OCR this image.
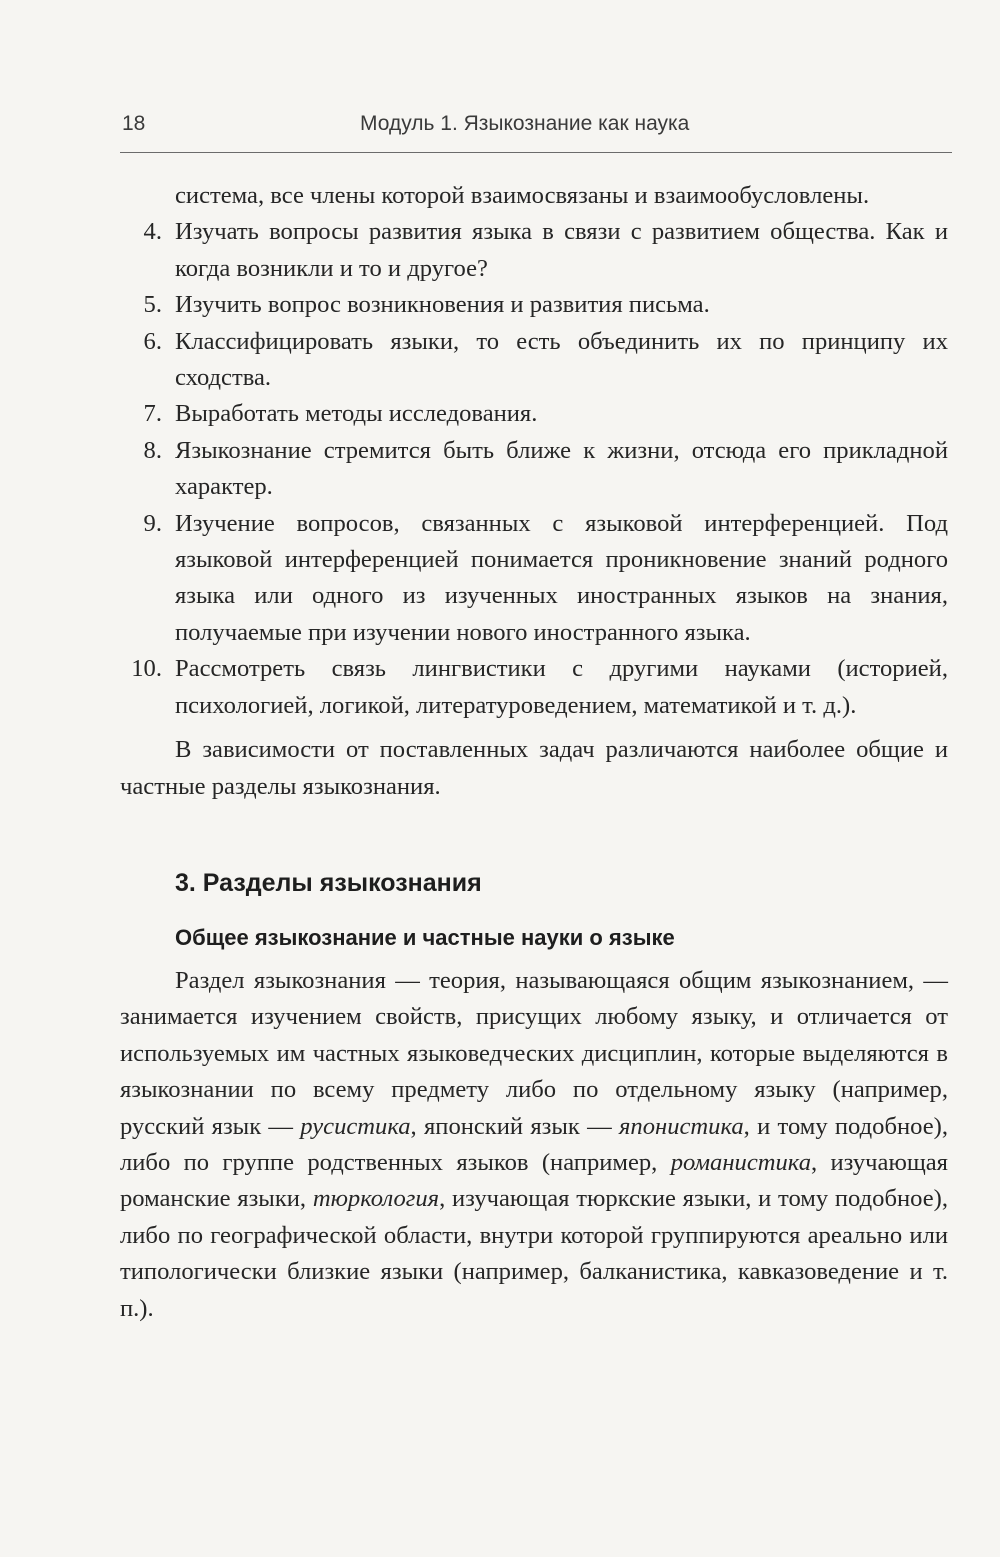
18	Модуль 1. Языкознание как наука

система, все члены которой взаимосвязаны и взаимообусловлены.

4. Изучать вопросы развития языка в связи с развитием общества. Как и когда возникли и то и другое?
5. Изучить вопрос возникновения и развития письма.
6. Классифицировать языки, то есть объединить их по принципу их сходства.
7. Выработать методы исследования.
8. Языкознание стремится быть ближе к жизни, отсюда его прикладной характер.
9. Изучение вопросов, связанных с языковой интерференцией. Под языковой интерференцией понимается проникновение знаний родного языка или одного из изученных иностранных языков на знания, получаемые при изучении нового иностранного языка.
10. Рассмотреть связь лингвистики с другими науками (историей, психологией, логикой, литературоведением, математикой и т. д.).

В зависимости от поставленных задач различаются наиболее общие и частные разделы языкознания.

3. Разделы языкознания
Общее языкознание и частные науки о языке

Раздел языкознания — теория, называющаяся общим языкознанием, — занимается изучением свойств, присущих любому языку, и отличается от используемых им частных языковедческих дисциплин, которые выделяются в языкознании по всему предмету либо по отдельному языку (например, русский язык — русистика, японский язык — японистика, и тому подобное), либо по группе родственных языков (например, романистика, изучающая романские языки, тюркология, изучающая тюркские языки, и тому подобное), либо по географической области, внутри которой группируются ареально или типологически близкие языки (например, балканистика, кавказоведение и т. п.).
